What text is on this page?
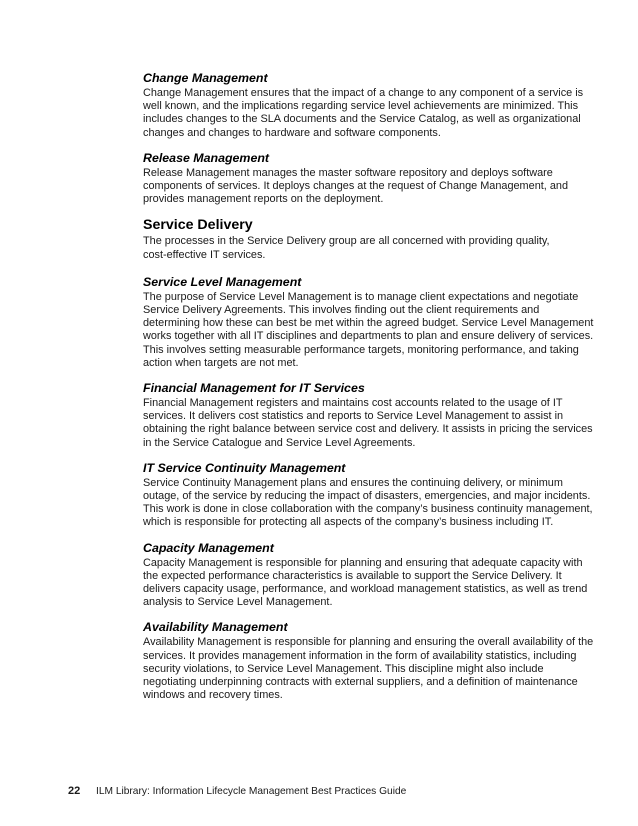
Change Management

Change Management ensures that the impact of a change to any component of a service is
well known, and the implications regarding service level achievements are minimized. This
includes changes to the SLA documents and the Service Catalog, as well as organizational
changes and changes to hardware and software components.

Release Management

Release Management manages the master software repository and deploys software
components of services. It deploys changes at the request of Change Management, and
provides management reports on the deployment.

Service Delivery

The processes in the Service Delivery group are all concerned with providing quality,
cost-effective IT services.

Service Level Management

The purpose of Service Level Management is to manage client expectations and negotiate
Service Delivery Agreements. This involves finding out the client requirements and
determining how these can best be met within the agreed budget. Service Level Management
works together with all IT disciplines and departments to plan and ensure delivery of services.
This involves setting measurable performance targets, monitoring performance, and taking
action when targets are not met.

Financial Management for IT Services

Financial Management registers and maintains cost accounts related to the usage of IT
services. It delivers cost statistics and reports to Service Level Management to assist in
obtaining the right balance between service cost and delivery. It assists in pricing the services
in the Service Catalogue and Service Level Agreements.

IT Service Continuity Management

Service Continuity Management plans and ensures the continuing delivery, or minimum
outage, of the service by reducing the impact of disasters, emergencies, and major incidents.
This work is done in close collaboration with the company’s business continuity management,
which is responsible for protecting all aspects of the company’s business including IT.

Capacity Management

Capacity Management is responsible for planning and ensuring that adequate capacity with
the expected performance characteristics is available to support the Service Delivery. It
delivers capacity usage, performance, and workload management statistics, as well as trend
analysis to Service Level Management.

Availability Management

Availability Management is responsible for planning and ensuring the overall availability of the
services. It provides management information in the form of availability statistics, including
security violations, to Service Level Management. This discipline might also include
negotiating underpinning contracts with external suppliers, and a definition of maintenance
windows and recovery times.

22 ILM Library: Information Lifecycle Management Best Practices Guide
